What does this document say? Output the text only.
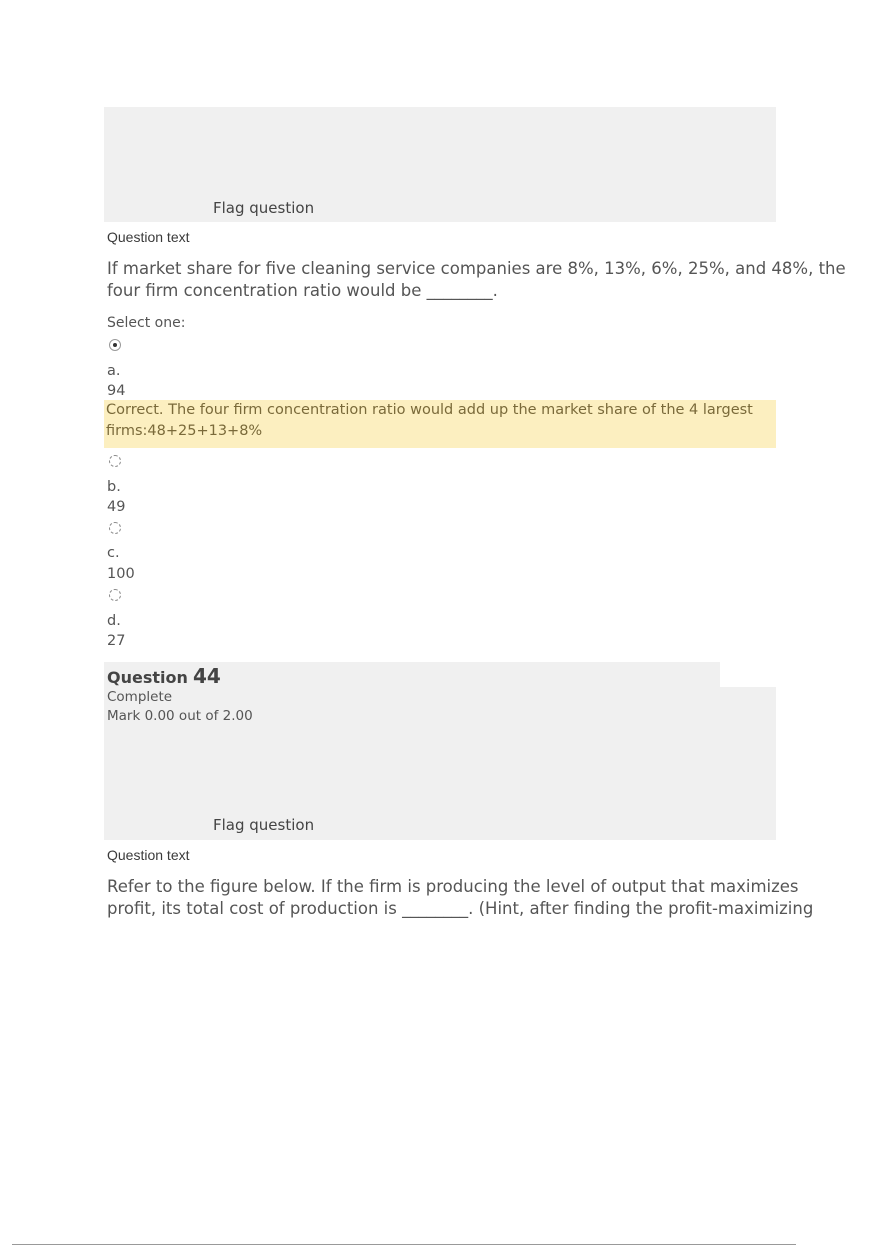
Flag question
Question text
If market share for five cleaning service companies are 8%, 13%, 6%, 25%, and 48%, the
four firm concentration ratio would be ________.
Select one:
a.
94
Correct. The four firm concentration ratio would add up the market share of the 4 largest
firms:48+25+13+8%
b.
49
c.
100
d.
27
Question 44
Complete
Mark 0.00 out of 2.00
Flag question
Question text
Refer to the figure below. If the firm is producing the level of output that maximizes
profit, its total cost of production is ________. (Hint, after finding the profit-maximizing
